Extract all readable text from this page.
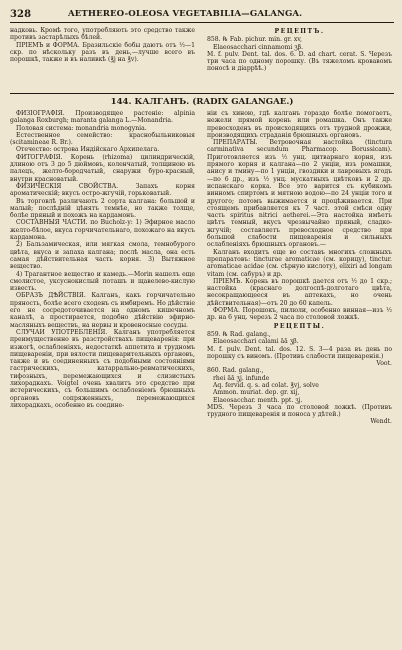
328	AETHEREO-OLEOSA VEGETABILIA—GALANGA.

надковь. Кромѣ того, употребляють это средство также противъ застарѣлыхъ бѣлей.

ПРІЕМЪ и ФОРМА. Бразильскіе бобы даютъ отъ ½—1 скр. по нѣскольку разъ въ день,—лучше всего въ порошкѣ, также и въ наливкѣ (℥j на ℥v).

РЕЦЕПТЪ.

858. ℞ Fab. pichur. min. gr. xv,

Elaeosacchari cinnamomi ʒβ.

M. f. pulv. Dent. tal. dos. 6. D. ad chart. cerat. S. Черезъ три часа по одному порошку. (Въ тяжеломъ кровавомъ поносѣ и діаррѣѣ.)

144. КАЛГАНЪ. (RADIX GALANGAE.)

ФИЗІОГРАФІЯ. Производящее растеніе: alpinia galanga Roxburgh; maranta galanga L.—Monandria.

Половая система: monandria monogynia.

Естественное семейство: краснобыльниковыя (scitamineae R. Br.).

Отечество: острова Индійскаго Архипелага.

ФИТОГРАФІЯ. Корень (rhizoma) цилиндрическій, длиною отъ 3 до 5 дюймовъ, коленчатый, толщиною въ палецъ, желто-бородчатый, снаружи буро-красный, внутри красноватый.

ФИЗИЧЕСКІЯ СВОЙСТВА. Запахъ корня ароматическій; вкусъ остро-жгучій, горьковатый.

Въ торговлѣ различають 2 сорта калгана: большой и малый; послѣдній цѣнятъ темнѣе, но также толще, болѣе пряный и похожъ на кардамонъ.

СОСТАВНЫЯ ЧАСТИ. по Bucholz-у: 1) Эфирное масло желто-бѣлое, вкуса горчичательнаго, похожаго на вкусъ кардамона.

2) Бальзамическая, или мягкая смола, темнобурого цвѣта, вкуса и запаха калгана; послѣ масла, она есть самая дѣйствительная часть корня. 3) Вытяжное вещество.

4) Трагантное вещество и камедь.—Morin нашелъ еще смолистое, уксуснокислый поташъ и щавелево-кислую известь.

ОБРАЗЪ ДѢЙСТВІЯ. Калганъ, какъ горчичательно пряность, болѣе всего сходенъ съ имбиремъ. Но дѣйствіе его не сосредоточивается на одномъ кишечномъ каналѣ, а простирается, подобно дѣйствію эфирно-масляныхъ веществъ, на нервы и кровеносные сосуды.

СЛУЧАИ УПОТРЕБЛЕНІЯ. Калганъ употребляется преимущественно въ разстройствахъ пищеваренія: при изжогѣ, ослабленіяхъ, недостаткѣ аппетита и трудномъ пищевареніи, при вялости пищеварительныхъ органовъ, также и въ соединенныхъ съ подобными состояніями гастрическихъ, катаррально-ревматическихъ, тифозныхъ, перемежающихся и слизистыхъ лихорадкахъ. Voigtel очень хвалитъ это средство при истерическихъ, съ большимъ ослабленіемъ брюшныхъ органовъ сопряженныхъ, перемежающихся лихорадкахъ, особенно въ соедине-

ніи съ хиною, гдѣ калганъ гораздо болѣе помогаетъ, нежели прямой корень или ромашка. Онъ также превосходенъ въ происходящихъ отъ трудной дрожжи, производящихъ страданія брюшныхъ органовъ.

ПРЕПАРАТЫ. Ветровочная настойка (tinctura carminativa secundum Pharmacop. Borussicam). Приготовляется изъ ½ унц. цитварнаго корня, изъ прямого корня и калгана—по 2 унціи, изъ ромашки, анису и тмину—по 1 унціи, гвоздики и лавровыхъ ягодъ—по 6 др., изъ ½ унц. мускатныхъ цвѣтковъ и 2 др. испанскаго корка. Все это варится съ кубикомъ винномъ спиртомъ и мятною водою—по 24 унціи того и другого; потомъ выжимается и процѣживается. При стоящемъ прибавляется къ 7 част. этой смѣси одну часть spiritus nitrici aetherei.—Эта настойка имѣетъ цвѣтъ темный, вкусъ чрезвычайно пряный, сладко-жгучій; составляетъ превосходное средство при большой слабости пищеваренія и сильныхъ ослабленіяхъ брюшныхъ органовъ.—

Калганъ входитъ еще во составъ многихъ сложныхъ препаратовъ: tincturae aromaticae (см. корицу), tinctur. aromaticae acidae (см. сѣрную кислоту), elixiri ad longam vitam (см. сабуръ) и др.

ПРІЕМЪ. Корень въ порошкѣ дается отъ ½ до 1 скр.; настойка (краснаго долгоспѣ-долготаго цвѣта, несокращающееся въ аптекахъ, но очень дѣйствительная)—отъ 20 до 60 капель.

ФОРМА. Порошокъ, пилюли, особенно винная—изъ ½ др. на 6 унц. черезъ 2 часа по столовой ложкѣ.

РЕЦЕПТЫ.

859. ℞ Rad. galang.,

Elaeosacchari calami āā ʒβ.

M. f. pulv. Dent. tal. dos. 12. S. 3—4 раза въ день по порошку съ виномъ. (Противъ слабости пищеваренія.)

Voot.

860. Rad. galang.,

rhei āā ʒj. infunde

Aq. fervid. q. s. ad colat. ℥vj, solve

Ammon. muriat. dep. gr. xij,

Elaeosacchar. menth. ppt. ʒj.

MDS. Черезъ 3 часа по столовой ложкѣ. (Противъ трудного пищеваренія и поноса у дѣтей.)

Wendt.
